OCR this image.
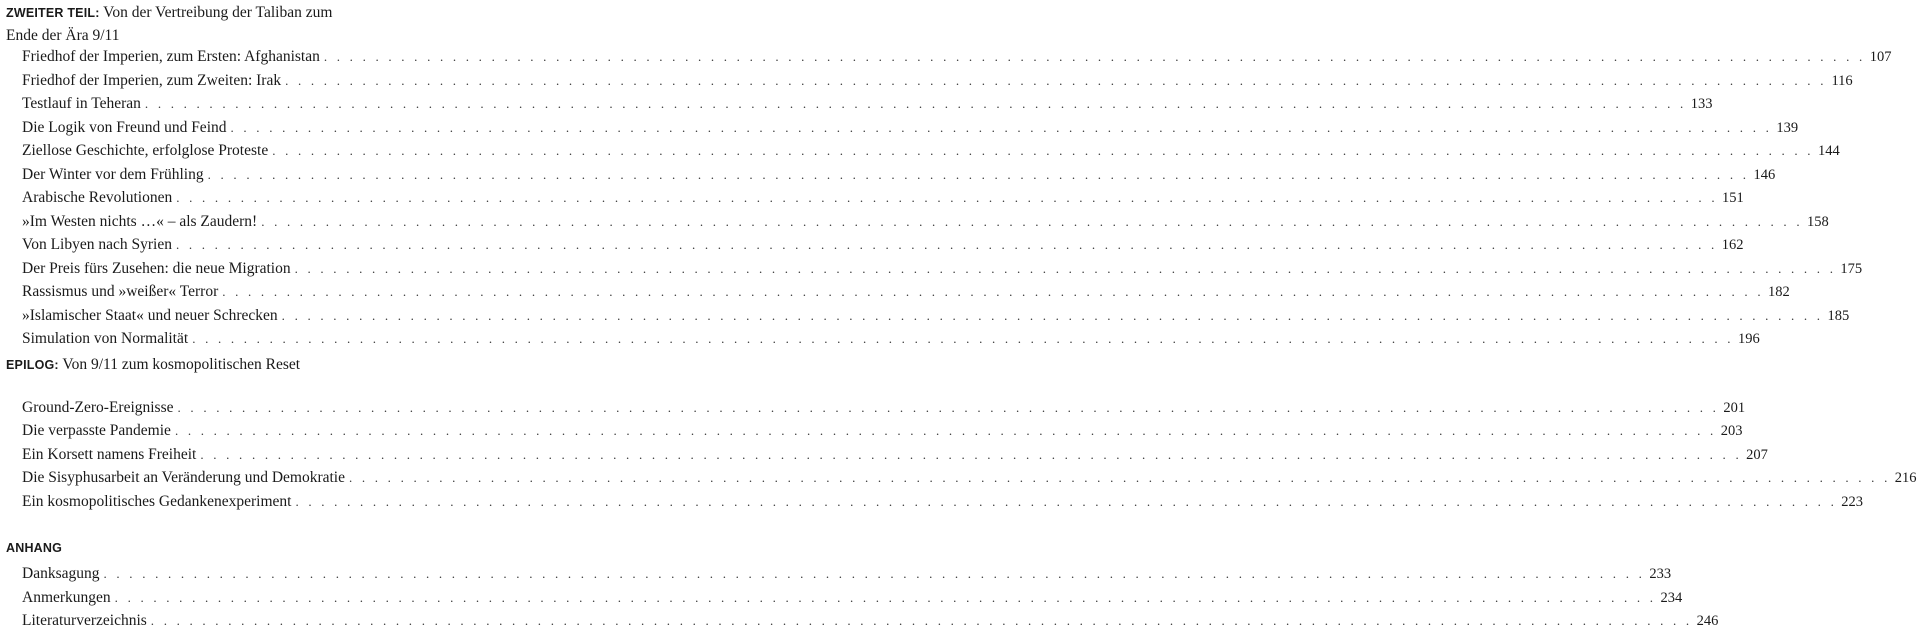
ZWEITER TEIL: Von der Vertreibung der Taliban zum
Ende der Ära 9/11
Friedhof der Imperien, zum Ersten: Afghanistan . . . . . . . . . . . . . . . . . . . . . . . . . . . . . . . . . . . . . . . . . . . . . . . . . . . . . . . . . . . . . . . . . . . . . . . . . . . . . . . . . . . . . . . . . . . . . . . . . . . . . . . . . . . . . . . . . . . . . . . . 107
Friedhof der Imperien, zum Zweiten: Irak . . . . . . . . . . . . . . . . . . . . . . . . . . . . . . . . . . . . . . . . . . . . . . . . . . . . . . . . . . . . . . . . . . . . . . . . . . . . . . . . . . . . . . . . . . . . . . . . . . . . . . . . . . . . . . . . . . . . . . . . 116
Testlauf in Teheran . . . . . . . . . . . . . . . . . . . . . . . . . . . . . . . . . . . . . . . . . . . . . . . . . . . . . . . . . . . . . . . . . . . . . . . . . . . . . . . . . . . . . . . . . . . . . . . . . . . . . . . . . . . . . . . . . . . . . . . . 133
Die Logik von Freund und Feind . . . . . . . . . . . . . . . . . . . . . . . . . . . . . . . . . . . . . . . . . . . . . . . . . . . . . . . . . . . . . . . . . . . . . . . . . . . . . . . . . . . . . . . . . . . . . . . . . . . . . . . . . . . . . . . . . . . . . . . . 139
Ziellose Geschichte, erfolglose Proteste . . . . . . . . . . . . . . . . . . . . . . . . . . . . . . . . . . . . . . . . . . . . . . . . . . . . . . . . . . . . . . . . . . . . . . . . . . . . . . . . . . . . . . . . . . . . . . . . . . . . . . . . . . . . . . . . . . . . . . . . 144
Der Winter vor dem Frühling . . . . . . . . . . . . . . . . . . . . . . . . . . . . . . . . . . . . . . . . . . . . . . . . . . . . . . . . . . . . . . . . . . . . . . . . . . . . . . . . . . . . . . . . . . . . . . . . . . . . . . . . . . . . . . . . . . . . . . . . 146
Arabische Revolutionen . . . . . . . . . . . . . . . . . . . . . . . . . . . . . . . . . . . . . . . . . . . . . . . . . . . . . . . . . . . . . . . . . . . . . . . . . . . . . . . . . . . . . . . . . . . . . . . . . . . . . . . . . . . . . . . . . . . . . . . . 151
»Im Westen nichts …« – als Zaudern! . . . . . . . . . . . . . . . . . . . . . . . . . . . . . . . . . . . . . . . . . . . . . . . . . . . . . . . . . . . . . . . . . . . . . . . . . . . . . . . . . . . . . . . . . . . . . . . . . . . . . . . . . . . . . . . . . . . . . . . . 158
Von Libyen nach Syrien . . . . . . . . . . . . . . . . . . . . . . . . . . . . . . . . . . . . . . . . . . . . . . . . . . . . . . . . . . . . . . . . . . . . . . . . . . . . . . . . . . . . . . . . . . . . . . . . . . . . . . . . . . . . . . . . . . . . . . . . 162
Der Preis fürs Zusehen: die neue Migration . . . . . . . . . . . . . . . . . . . . . . . . . . . . . . . . . . . . . . . . . . . . . . . . . . . . . . . . . . . . . . . . . . . . . . . . . . . . . . . . . . . . . . . . . . . . . . . . . . . . . . . . . . . . . . . . . . . . . . . . 175
Rassismus und »weißer« Terror . . . . . . . . . . . . . . . . . . . . . . . . . . . . . . . . . . . . . . . . . . . . . . . . . . . . . . . . . . . . . . . . . . . . . . . . . . . . . . . . . . . . . . . . . . . . . . . . . . . . . . . . . . . . . . . . . . . . . . . . 182
»Islamischer Staat« und neuer Schrecken . . . . . . . . . . . . . . . . . . . . . . . . . . . . . . . . . . . . . . . . . . . . . . . . . . . . . . . . . . . . . . . . . . . . . . . . . . . . . . . . . . . . . . . . . . . . . . . . . . . . . . . . . . . . . . . . . . . . . . . . 185
Simulation von Normalität . . . . . . . . . . . . . . . . . . . . . . . . . . . . . . . . . . . . . . . . . . . . . . . . . . . . . . . . . . . . . . . . . . . . . . . . . . . . . . . . . . . . . . . . . . . . . . . . . . . . . . . . . . . . . . . . . . . . . . . . 196
EPILOG: Von 9/11 zum kosmopolitischen Reset
Ground-Zero-Ereignisse . . . . . . . . . . . . . . . . . . . . . . . . . . . . . . . . . . . . . . . . . . . . . . . . . . . . . . . . . . . . . . . . . . . . . . . . . . . . . . . . . . . . . . . . . . . . . . . . . . . . . . . . . . . . . . . . . . . . . . . . 201
Die verpasste Pandemie . . . . . . . . . . . . . . . . . . . . . . . . . . . . . . . . . . . . . . . . . . . . . . . . . . . . . . . . . . . . . . . . . . . . . . . . . . . . . . . . . . . . . . . . . . . . . . . . . . . . . . . . . . . . . . . . . . . . . . . . 203
Ein Korsett namens Freiheit . . . . . . . . . . . . . . . . . . . . . . . . . . . . . . . . . . . . . . . . . . . . . . . . . . . . . . . . . . . . . . . . . . . . . . . . . . . . . . . . . . . . . . . . . . . . . . . . . . . . . . . . . . . . . . . . . . . . . . . . 207
Die Sisyphusarbeit an Veränderung und Demokratie . . . . . . . . . . . . . . . . . . . . . . . . . . . . . . . . . . . . . . . . . . . . . . . . . . . . . . . . . . . . . . . . . . . . . . . . . . . . . . . . . . . . . . . . . . . . . . . . . . . . . . . . . . . . . . . . . . . . . . . . 216
Ein kosmopolitisches Gedankenexperiment . . . . . . . . . . . . . . . . . . . . . . . . . . . . . . . . . . . . . . . . . . . . . . . . . . . . . . . . . . . . . . . . . . . . . . . . . . . . . . . . . . . . . . . . . . . . . . . . . . . . . . . . . . . . . . . . . . . . . . . . 223
ANHANG
Danksagung . . . . . . . . . . . . . . . . . . . . . . . . . . . . . . . . . . . . . . . . . . . . . . . . . . . . . . . . . . . . . . . . . . . . . . . . . . . . . . . . . . . . . . . . . . . . . . . . . . . . . . . . . . . . . . . . . . . . . . . . 233
Anmerkungen . . . . . . . . . . . . . . . . . . . . . . . . . . . . . . . . . . . . . . . . . . . . . . . . . . . . . . . . . . . . . . . . . . . . . . . . . . . . . . . . . . . . . . . . . . . . . . . . . . . . . . . . . . . . . . . . . . . . . . . . 234
Literaturverzeichnis . . . . . . . . . . . . . . . . . . . . . . . . . . . . . . . . . . . . . . . . . . . . . . . . . . . . . . . . . . . . . . . . . . . . . . . . . . . . . . . . . . . . . . . . . . . . . . . . . . . . . . . . . . . . . . . . . . . . . . . . 246
